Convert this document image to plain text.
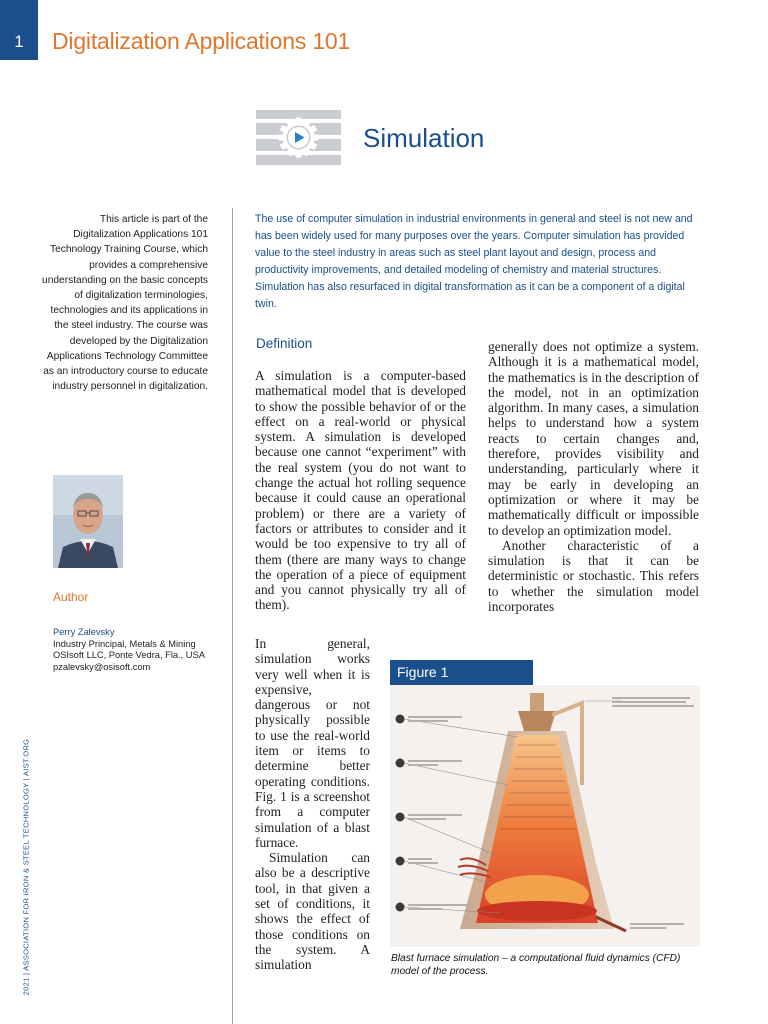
1	Digitalization Applications 101
2021 | ASSOCIATION FOR IRON & STEEL TECHNOLOGY | AIST.ORG
Simulation

This article is part of the Digitalization Applications 101 Technology Training Course, which provides a comprehensive understanding on the basic concepts of digitalization terminologies, technologies and its applications in the steel industry. The course was developed by the Digitalization Applications Technology Committee as an introductory course to educate industry personnel in digitalization.

The use of computer simulation in industrial environments in general and steel is not new and has been widely used for many purposes over the years. Computer simulation has provided value to the steel industry in areas such as steel plant layout and design, process and productivity improvements, and detailed modeling of chemistry and material structures. Simulation has also resurfaced in digital transformation as it can be a component of a digital twin.

Author
Perry Zalevsky
Industry Principal, Metals & Mining
OSIsoft LLC, Ponte Vedra, Fla., USA
pzalevsky@osisoft.com
Definition

A simulation is a computer-based mathematical model that is developed to show the possible behavior of or the effect on a real-world or physical system. A simulation is developed because one cannot “experiment” with the real system (you do not want to change the actual hot rolling sequence because it could cause an operational problem) or there are a variety of factors or attributes to consider and it would be too expensive to try all of them (there are many ways to change the operation of a piece of equipment and you cannot physically try all of them).

In general, simulation works very well when it is expensive, dangerous or not physically possible to use the real-world item or items to determine better operating conditions. Fig. 1 is a screenshot from a computer simulation of a blast furnace.

Simulation can also be a descriptive tool, in that given a set of conditions, it shows the effect of those conditions on the system. A simulation

generally does not optimize a system. Although it is a mathematical model, the mathematics is in the description of the model, not in an optimization algorithm. In many cases, a simulation helps to understand how a system reacts to certain changes and, therefore, provides visibility and understanding, particularly where it may be early in developing an optimization or where it may be mathematically difficult or impossible to develop an optimization model.

Another characteristic of a simulation is that it can be deterministic or stochastic. This refers to whether the simulation model incorporates

Figure 1
Blast furnace simulation – a computational fluid dynamics (CFD) model of the process.
